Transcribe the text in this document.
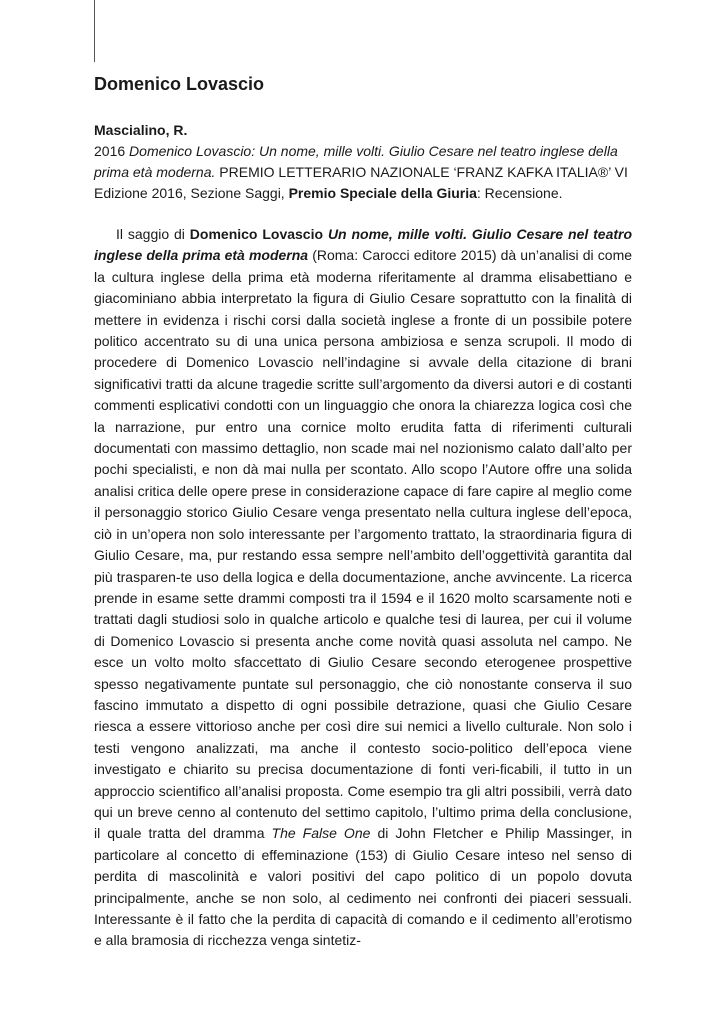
Domenico Lovascio
Mascialino, R.
2016 Domenico Lovascio: Un nome, mille volti. Giulio Cesare nel teatro inglese della prima età moderna. PREMIO LETTERARIO NAZIONALE ‘FRANZ KAFKA ITALIA®’ VI Edizione 2016, Sezione Saggi, Premio Speciale della Giuria: Recensione.

Il saggio di Domenico Lovascio Un nome, mille volti. Giulio Cesare nel teatro inglese della prima età moderna (Roma: Carocci editore 2015) dà un’analisi di come la cultura inglese della prima età moderna riferitamente al dramma elisabettiano e giacominiano abbia interpretato la figura di Giulio Cesare soprattutto con la finalità di mettere in evidenza i rischi corsi dalla società inglese a fronte di un possibile potere politico accentrato su di una unica persona ambiziosa e senza scrupoli. Il modo di procedere di Domenico Lovascio nell’indagine si avvale della citazione di brani significativi tratti da alcune tragedie scritte sull’argomento da diversi autori e di costanti commenti esplicativi condotti con un linguaggio che onora la chiarezza logica così che la narrazione, pur entro una cornice molto erudita fatta di riferimenti culturali documentati con massimo dettaglio, non scade mai nel nozionismo calato dall’alto per pochi specialisti, e non dà mai nulla per scontato. Allo scopo l’Autore offre una solida analisi critica delle opere prese in considerazione capace di fare capire al meglio come il personaggio storico Giulio Cesare venga presentato nella cultura inglese dell’epoca, ciò in un’opera non solo interessante per l’argomento trattato, la straordinaria figura di Giulio Cesare, ma, pur restando essa sempre nell’ambito dell’oggettività garantita dal più trasparen-te uso della logica e della documentazione, anche avvincente. La ricerca prende in esame sette drammi composti tra il 1594 e il 1620 molto scarsamente noti e trattati dagli studiosi solo in qualche articolo e qualche tesi di laurea, per cui il volume di Domenico Lovascio si presenta anche come novità quasi assoluta nel campo. Ne esce un volto molto sfaccettato di Giulio Cesare secondo eterogenee prospettive spesso negativamente puntate sul personaggio, che ciò nonostante conserva il suo fascino immutato a dispetto di ogni possibile detrazione, quasi che Giulio Cesare riesca a essere vittorioso anche per così dire sui nemici a livello culturale. Non solo i testi vengono analizzati, ma anche il contesto socio-politico dell’epoca viene investigato e chiarito su precisa documentazione di fonti veri-ficabili, il tutto in un approccio scientifico all’analisi proposta. Come esempio tra gli altri possibili, verrà dato qui un breve cenno al contenuto del settimo capitolo, l’ultimo prima della conclusione, il quale tratta del dramma The False One di John Fletcher e Philip Massinger, in particolare al concetto di effeminazione (153) di Giulio Cesare inteso nel senso di perdita di mascolinità e valori positivi del capo politico di un popolo dovuta principalmente, anche se non solo, al cedimento nei confronti dei piaceri sessuali. Interessante è il fatto che la perdita di capacità di comando e il cedimento all’erotismo e alla bramosia di ricchezza venga sintetiz-
